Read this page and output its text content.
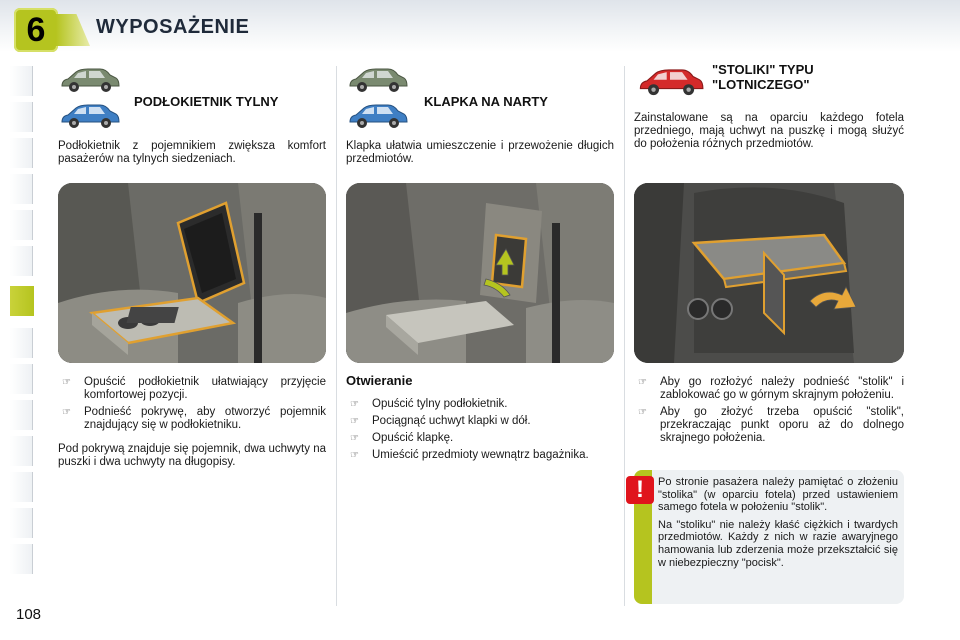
6	WYPOSAŻENIE
PODŁOKIETNIK TYLNY
Podłokietnik z pojemnikiem zwiększa komfort pasażerów na tylnych siedzeniach.
☞ Opuścić podłokietnik ułatwiający przyjęcie komfortowej pozycji.
☞ Podnieść pokrywę, aby otworzyć pojemnik znajdujący się w podłokietniku.
Pod pokrywą znajduje się pojemnik, dwa uchwyty na puszki i dwa uchwyty na długopisy.
KLAPKA NA NARTY
Klapka ułatwia umieszczenie i przewożenie długich przedmiotów.
Otwieranie
☞ Opuścić tylny podłokietnik.
☞ Pociągnąć uchwyt klapki w dół.
☞ Opuścić klapkę.
☞ Umieścić przedmioty wewnątrz bagażnika.
"STOLIKI" TYPU
"LOTNICZEGO"
Zainstalowane są na oparciu każdego fotela przedniego, mają uchwyt na puszkę i mogą służyć do położenia różnych przedmiotów.
☞ Aby go rozłożyć należy podnieść "stolik" i zablokować go w górnym skrajnym położeniu.
☞ Aby go złożyć trzeba opuścić "stolik", przekraczając punkt oporu aż do dolnego skrajnego położenia.
!	Po stronie pasażera należy pamiętać o złożeniu "stolika" (w oparciu fotela) przed ustawieniem samego fotela w położeniu "stolik".

Na "stoliku" nie należy kłaść ciężkich i twardych przedmiotów. Każdy z nich w razie awaryjnego hamowania lub zderzenia może przekształcić się w niebezpieczny "pocisk".

108
